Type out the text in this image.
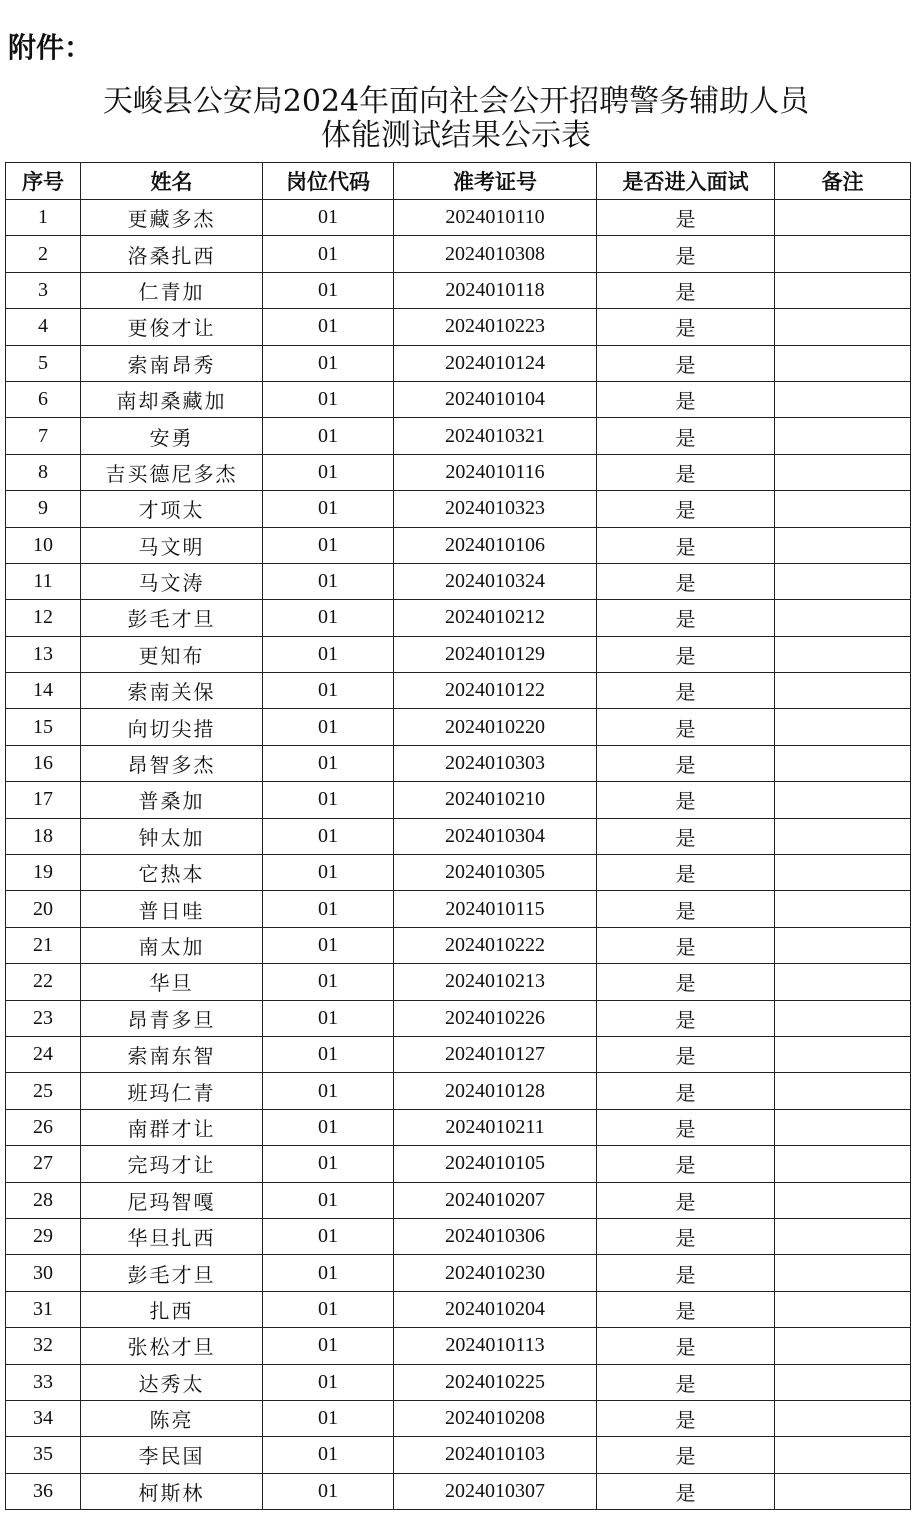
附件：
天峻县公安局2024年面向社会公开招聘警务辅助人员
体能测试结果公示表
序号	姓名	岗位代码	准考证号	是否进入面试	备注
1	更藏多杰	01	2024010110	是	
2	洛桑扎西	01	2024010308	是	
3	仁青加	01	2024010118	是	
4	更俊才让	01	2024010223	是	
5	索南昂秀	01	2024010124	是	
6	南却桑藏加	01	2024010104	是	
7	安勇	01	2024010321	是	
8	吉买德尼多杰	01	2024010116	是	
9	才项太	01	2024010323	是	
10	马文明	01	2024010106	是	
11	马文涛	01	2024010324	是	
12	彭毛才旦	01	2024010212	是	
13	更知布	01	2024010129	是	
14	索南关保	01	2024010122	是	
15	向切尖措	01	2024010220	是	
16	昂智多杰	01	2024010303	是	
17	普桑加	01	2024010210	是	
18	钟太加	01	2024010304	是	
19	它热本	01	2024010305	是	
20	普日哇	01	2024010115	是	
21	南太加	01	2024010222	是	
22	华旦	01	2024010213	是	
23	昂青多旦	01	2024010226	是	
24	索南东智	01	2024010127	是	
25	班玛仁青	01	2024010128	是	
26	南群才让	01	2024010211	是	
27	完玛才让	01	2024010105	是	
28	尼玛智嘎	01	2024010207	是	
29	华旦扎西	01	2024010306	是	
30	彭毛才旦	01	2024010230	是	
31	扎西	01	2024010204	是	
32	张松才旦	01	2024010113	是	
33	达秀太	01	2024010225	是	
34	陈亮	01	2024010208	是	
35	李民国	01	2024010103	是	
36	柯斯林	01	2024010307	是	
